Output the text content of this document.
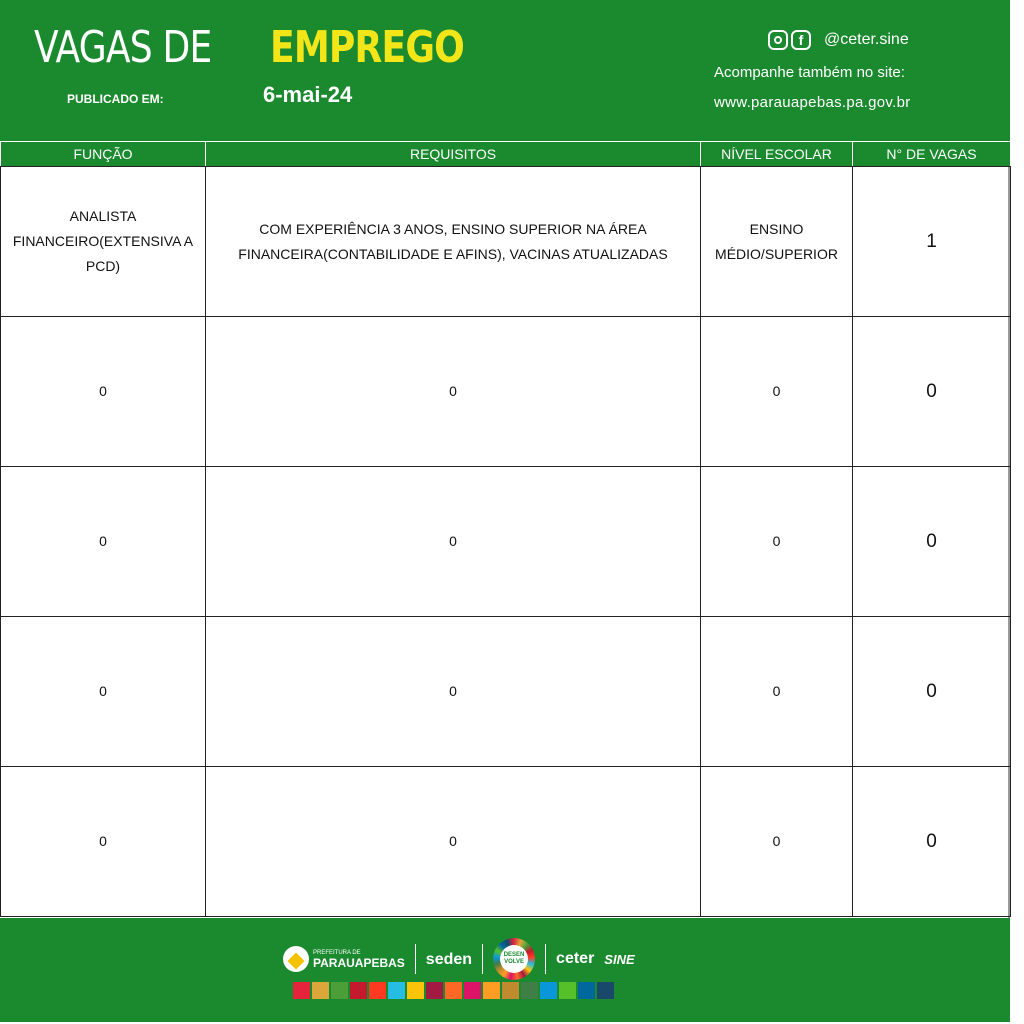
VAGAS DE EMPREGO
PUBLICADO EM:	6-mai-24
f	@ceter.sine
Acompanhe também no site:
www.parauapebas.pa.gov.br
FUNÇÃO	REQUISITOS	NÍVEL ESCOLAR	N° DE VAGAS
ANALISTA FINANCEIRO(EXTENSIVA A PCD)	COM EXPERIÊNCIA 3 ANOS, ENSINO SUPERIOR NA ÁREA FINANCEIRA(CONTABILIDADE E AFINS), VACINAS ATUALIZADAS	ENSINO MÉDIO/SUPERIOR	1
0	0	0	0
0	0	0	0
0	0	0	0
0	0	0	0
PREFEITURA DE
PARAUAPEBAS seden	DESEN VOLVE ceter SINE
